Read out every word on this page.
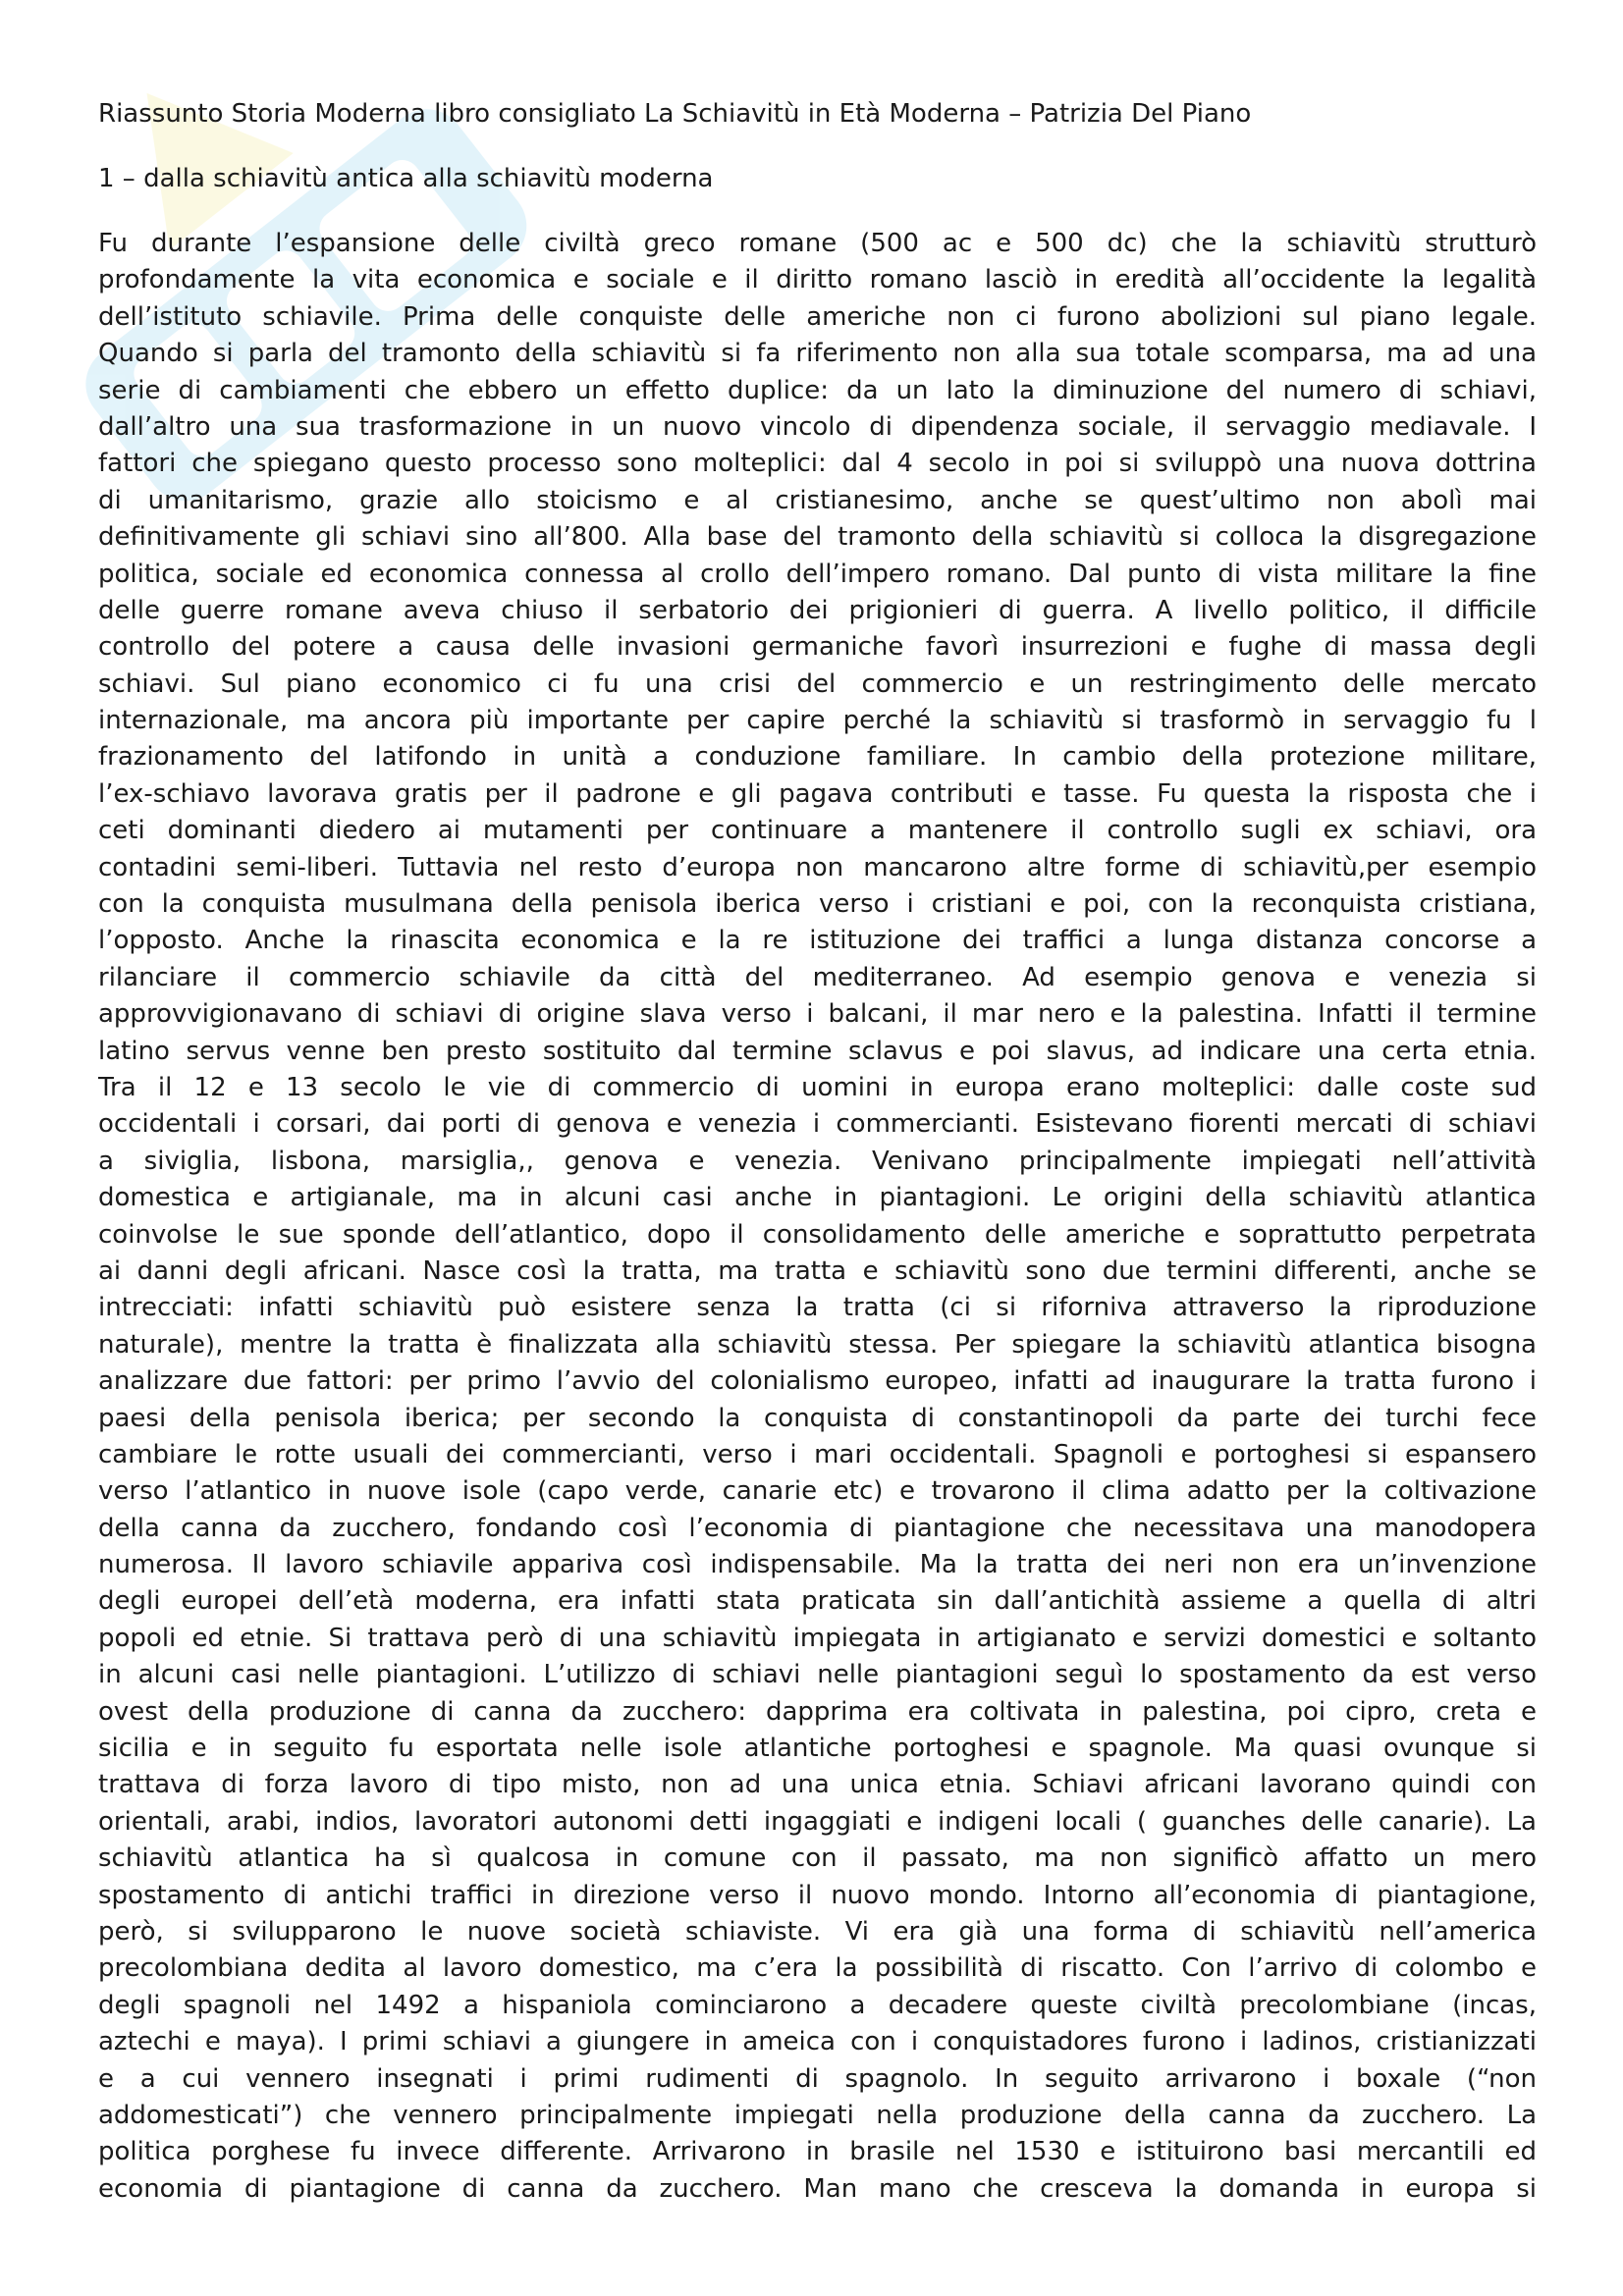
Riassunto Storia Moderna libro consigliato La Schiavitù in Età Moderna – Patrizia Del Piano
1 – dalla schiavitù antica alla schiavitù moderna
Fu durante l’espansione delle civiltà greco romane (500 ac e 500 dc) che la schiavitù strutturò
profondamente la vita economica e sociale e il diritto romano lasciò in eredità all’occidente la legalità
dell’istituto schiavile. Prima delle conquiste delle americhe non ci furono abolizioni sul piano legale.
Quando si parla del tramonto della schiavitù si fa riferimento non alla sua totale scomparsa, ma ad una
serie di cambiamenti che ebbero un effetto duplice: da un lato la diminuzione del numero di schiavi,
dall’altro una sua trasformazione in un nuovo vincolo di dipendenza sociale, il servaggio mediavale. I
fattori che spiegano questo processo sono molteplici: dal 4 secolo in poi si sviluppò una nuova dottrina
di umanitarismo, grazie allo stoicismo e al cristianesimo, anche se quest’ultimo non abolì mai
definitivamente gli schiavi sino all’800. Alla base del tramonto della schiavitù si colloca la disgregazione
politica, sociale ed economica connessa al crollo dell’impero romano. Dal punto di vista militare la fine
delle guerre romane aveva chiuso il serbatorio dei prigionieri di guerra. A livello politico, il difficile
controllo del potere a causa delle invasioni germaniche favorì insurrezioni e fughe di massa degli
schiavi. Sul piano economico ci fu una crisi del commercio e un restringimento delle mercato
internazionale, ma ancora più importante per capire perché la schiavitù si trasformò in servaggio fu l
frazionamento del latifondo in unità a conduzione familiare. In cambio della protezione militare,
l’ex-schiavo lavorava gratis per il padrone e gli pagava contributi e tasse. Fu questa la risposta che i
ceti dominanti diedero ai mutamenti per continuare a mantenere il controllo sugli ex schiavi, ora
contadini semi-liberi. Tuttavia nel resto d’europa non mancarono altre forme di schiavitù,per esempio
con la conquista musulmana della penisola iberica verso i cristiani e poi, con la reconquista cristiana,
l’opposto. Anche la rinascita economica e la re istituzione dei traffici a lunga distanza concorse a
rilanciare il commercio schiavile da città del mediterraneo. Ad esempio genova e venezia si
approvvigionavano di schiavi di origine slava verso i balcani, il mar nero e la palestina. Infatti il termine
latino servus venne ben presto sostituito dal termine sclavus e poi slavus, ad indicare una certa etnia.
Tra il 12 e 13 secolo le vie di commercio di uomini in europa erano molteplici: dalle coste sud
occidentali i corsari, dai porti di genova e venezia i commercianti. Esistevano fiorenti mercati di schiavi
a siviglia, lisbona, marsiglia,, genova e venezia. Venivano principalmente impiegati nell’attività
domestica e artigianale, ma in alcuni casi anche in piantagioni. Le origini della schiavitù atlantica
coinvolse le sue sponde dell’atlantico, dopo il consolidamento delle americhe e soprattutto perpetrata
ai danni degli africani. Nasce così la tratta, ma tratta e schiavitù sono due termini differenti, anche se
intrecciati: infatti schiavitù può esistere senza la tratta (ci si riforniva attraverso la riproduzione
naturale), mentre la tratta è finalizzata alla schiavitù stessa. Per spiegare la schiavitù atlantica bisogna
analizzare due fattori: per primo l’avvio del colonialismo europeo, infatti ad inaugurare la tratta furono i
paesi della penisola iberica; per secondo la conquista di constantinopoli da parte dei turchi fece
cambiare le rotte usuali dei commercianti, verso i mari occidentali. Spagnoli e portoghesi si espansero
verso l’atlantico in nuove isole (capo verde, canarie etc) e trovarono il clima adatto per la coltivazione
della canna da zucchero, fondando così l’economia di piantagione che necessitava una manodopera
numerosa. Il lavoro schiavile appariva così indispensabile. Ma la tratta dei neri non era un’invenzione
degli europei dell’età moderna, era infatti stata praticata sin dall’antichità assieme a quella di altri
popoli ed etnie. Si trattava però di una schiavitù impiegata in artigianato e servizi domestici e soltanto
in alcuni casi nelle piantagioni. L’utilizzo di schiavi nelle piantagioni seguì lo spostamento da est verso
ovest della produzione di canna da zucchero: dapprima era coltivata in palestina, poi cipro, creta e
sicilia e in seguito fu esportata nelle isole atlantiche portoghesi e spagnole. Ma quasi ovunque si
trattava di forza lavoro di tipo misto, non ad una unica etnia. Schiavi africani lavorano quindi con
orientali, arabi, indios, lavoratori autonomi detti ingaggiati e indigeni locali ( guanches delle canarie). La
schiavitù atlantica ha sì qualcosa in comune con il passato, ma non significò affatto un mero
spostamento di antichi traffici in direzione verso il nuovo mondo. Intorno all’economia di piantagione,
però, si svilupparono le nuove società schiaviste. Vi era già una forma di schiavitù nell’america
precolombiana dedita al lavoro domestico, ma c’era la possibilità di riscatto. Con l’arrivo di colombo e
degli spagnoli nel 1492 a hispaniola cominciarono a decadere queste civiltà precolombiane (incas,
aztechi e maya). I primi schiavi a giungere in ameica con i conquistadores furono i ladinos, cristianizzati
e a cui vennero insegnati i primi rudimenti di spagnolo. In seguito arrivarono i boxale (“non
addomesticati”) che vennero principalmente impiegati nella produzione della canna da zucchero. La
politica porghese fu invece differente. Arrivarono in brasile nel 1530 e istituirono basi mercantili ed
economia di piantagione di canna da zucchero. Man mano che cresceva la domanda in europa si
